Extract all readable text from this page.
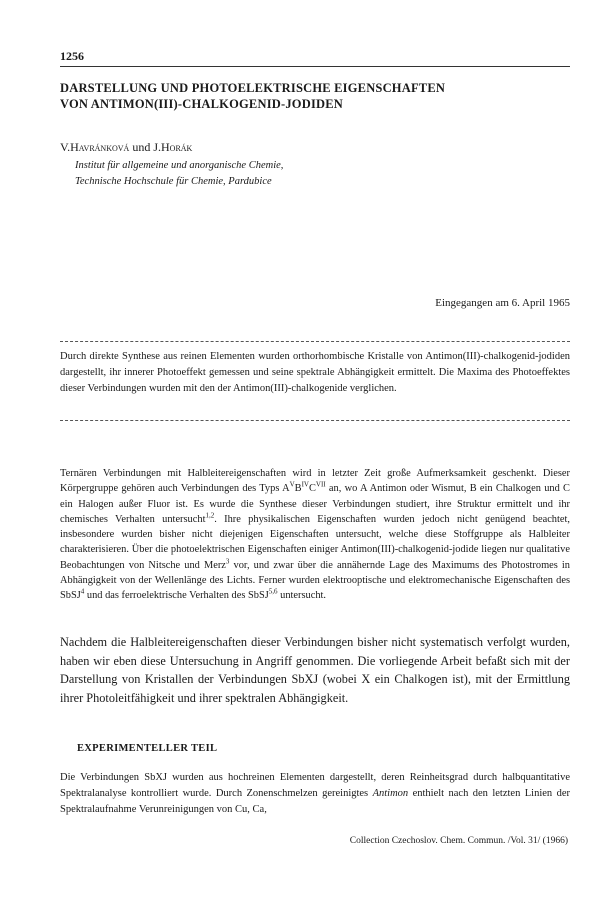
1256
DARSTELLUNG UND PHOTOELEKTRISCHE EIGENSCHAFTEN
VON ANTIMON(III)-CHALKOGENID-JODIDEN
V.Havránková und J.Horák
Institut für allgemeine und anorganische Chemie,
Technische Hochschule für Chemie, Pardubice
Eingegangen am 6. April 1965
Durch direkte Synthese aus reinen Elementen wurden orthorhombische Kristalle von Antimon(III)-chalkogenid-jodiden dargestellt, ihr innerer Photoeffekt gemessen und seine spektrale Abhängigkeit ermittelt. Die Maxima des Photoeffektes dieser Verbindungen wurden mit den der Antimon(III)-chalkogenide verglichen.
Ternären Verbindungen mit Halbleitereigenschaften wird in letzter Zeit große Aufmerksamkeit geschenkt. Dieser Körpergruppe gehören auch Verbindungen des Typs $A^VB^{IV}C^{VII}$ an, wo A Antimon oder Wismut, B ein Chalkogen und C ein Halogen außer Fluor ist. Es wurde die Synthese dieser Verbindungen studiert, ihre Struktur ermittelt und ihr chemisches Verhalten untersucht$^{1,2}$. Ihre physikalischen Eigenschaften wurden jedoch nicht genügend beachtet, insbesondere wurden bisher nicht diejenigen Eigenschaften untersucht, welche diese Stoffgruppe als Halbleiter charakterisieren. Über die photoelektrischen Eigenschaften einiger Antimon(III)-chalkogenid-jodide liegen nur qualitative Beobachtungen von Nitsche und Merz$^3$ vor, und zwar über die annähernde Lage des Maximums des Photostromes in Abhängigkeit von der Wellenlänge des Lichts. Ferner wurden elektrooptische und elektromechanische Eigenschaften des SbSJ$^4$ und das ferroelektrische Verhalten des SbSJ$^{5,6}$ untersucht.
Nachdem die Halbleitereigenschaften dieser Verbindungen bisher nicht systematisch verfolgt wurden, haben wir eben diese Untersuchung in Angriff genommen. Die vorliegende Arbeit befaßt sich mit der Darstellung von Kristallen der Verbindungen SbXJ (wobei X ein Chalkogen ist), mit der Ermittlung ihrer Photoleitfähigkeit und ihrer spektralen Abhängigkeit.
EXPERIMENTELLER TEIL
Die Verbindungen SbXJ wurden aus hochreinen Elementen dargestellt, deren Reinheitsgrad durch halbquantitative Spektralanalyse kontrolliert wurde. Durch Zonenschmelzen gereinigtes Antimon enthielt nach den letzten Linien der Spektralaufnahme Verunreinigungen von Cu, Ca,
Collection Czechoslov. Chem. Commun. /Vol. 31/ (1966)
